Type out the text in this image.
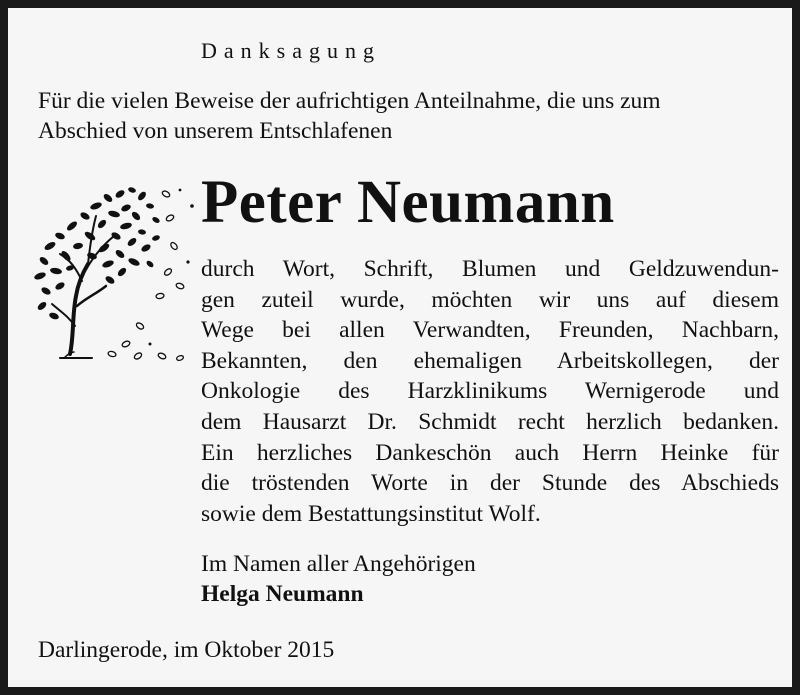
Danksagung

Für die vielen Beweise der aufrichtigen Anteilnahme, die uns zum
Abschied von unserem Entschlafenen

Peter Neumann
durch Wort, Schrift, Blumen und Geldzuwendun-
gen zuteil wurde, möchten wir uns auf diesem
Wege bei allen Verwandten, Freunden, Nachbarn,
Bekannten, den ehemaligen Arbeitskollegen, der
Onkologie des Harzklinikums Wernigerode und
dem Hausarzt Dr. Schmidt recht herzlich bedanken.
Ein herzliches Dankeschön auch Herrn Heinke für
die tröstenden Worte in der Stunde des Abschieds
sowie dem Bestattungsinstitut Wolf.
Im Namen aller Angehörigen
Helga Neumann
Darlingerode, im Oktober 2015
